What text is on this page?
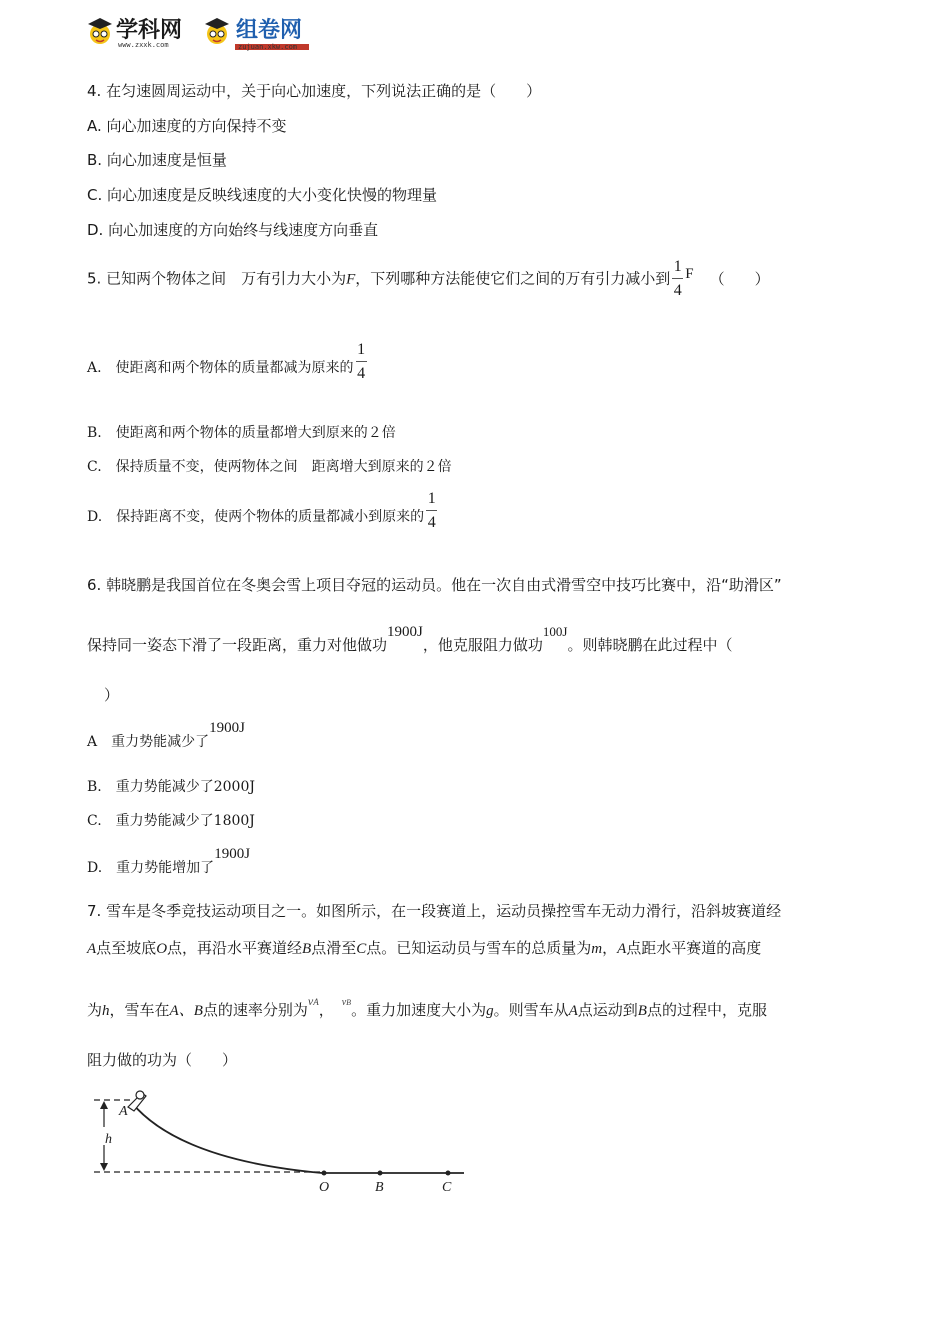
学科网
www.zxxk.com
组卷网
zujuan.xkw.com
4. 在匀速圆周运动中，关于向心加速度，下列说法正确的是（　　）
A. 向心加速度的方向保持不变
B. 向心加速度是恒量
C. 向心加速度是反映线速度的大小变化快慢的物理量
D. 向心加速度的方向始终与线速度方向垂直
5. 已知两个物体之间　万有引力大小为F，下列哪种方法能使它们之间的万有引力减小到 $\frac{1}{4}$ F （　　）
A.　使距离和两个物体的质量都减为原来的 $\frac{1}{4}$
B.　使距离和两个物体的质量都增大到原来的２倍
C.　保持质量不变，使两物体之间　距离增大到原来的２倍
D.　保持距离不变，使两个物体的质量都减小到原来的 $\frac{1}{4}$
6. 韩晓鹏是我国首位在冬奥会雪上项目夺冠的运动员。他在一次自由式滑雪空中技巧比赛中，沿“助滑区”
保持同一姿态下滑了一段距离，重力对他做功1900J，他克服阻力做功100J。则韩晓鹏在此过程中（
）
A　重力势能减少了1900J
B.　重力势能减少了2000J
C.　重力势能减少了1800J
D.　重力势能增加了1900J
7. 雪车是冬季竞技运动项目之一。如图所示，在一段赛道上，运动员操控雪车无动力滑行，沿斜坡赛道经
A点至坡底O点，再沿水平赛道经B点滑至C点。已知运动员与雪车的总质量为m，A点距水平赛道的高度
为h，雪车在A、B点的速率分别为$^{vA}$， $^{vB}$。重力加速度大小为g。则雪车从A点运动到B点的过程中，克服
阻力做的功为（　　）
A
h
O	B	C
